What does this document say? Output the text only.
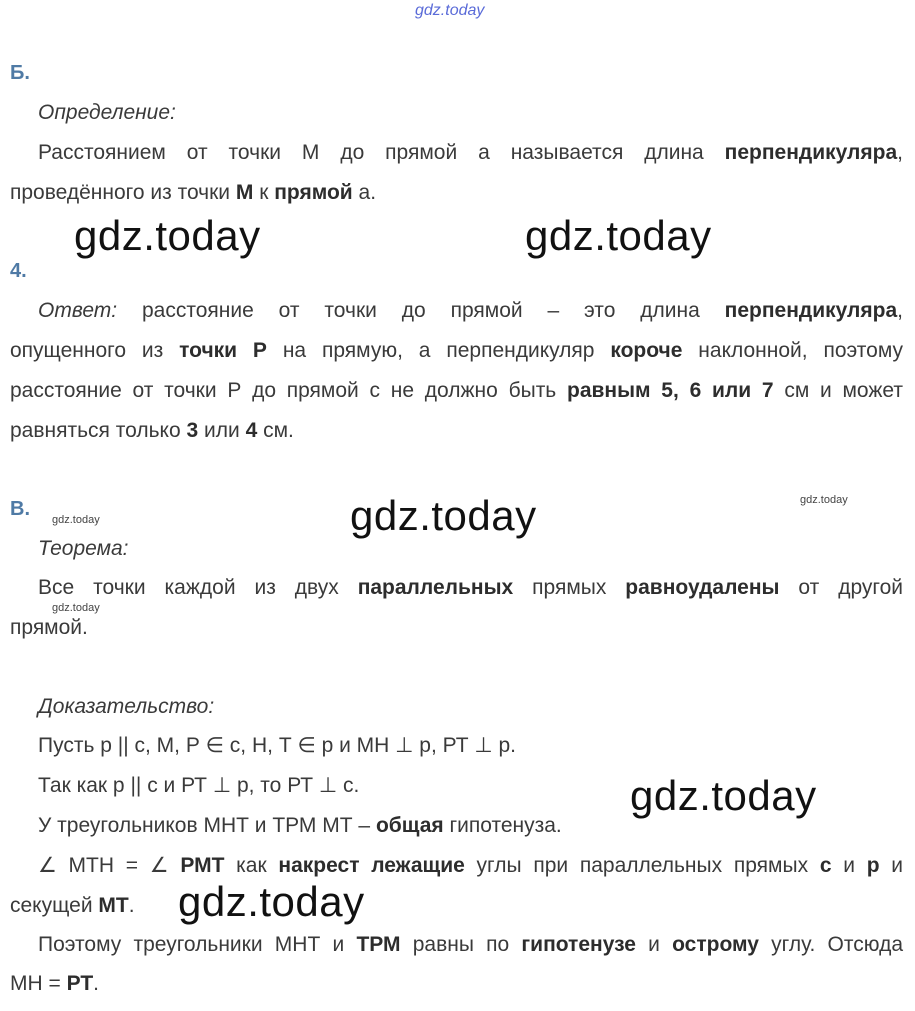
gdz.today
gdz.today	gdz.today
gdz.today
gdz.today
gdz.today
gdz.today
gdz.today
gdz.today
Б.
Определение:
Расстоянием от точки М до прямой а называется длина перпендикуляра,
проведённого из точки М к прямой а.
4.
Ответ: расстояние от точки до прямой – это длина перпендикуляра,
опущенного из точки Р на прямую, а перпендикуляр короче наклонной, поэтому
расстояние от точки Р до прямой с не должно быть равным 5, 6 или 7 см и может
равняться только 3 или 4 см.
В.
Теорема:
Все точки каждой из двух параллельных прямых равноудалены от другой
прямой.
Доказательство:
Пусть р || с, М, Р ∈ с, Н, Т ∈ р и МН ⊥ р, РТ ⊥ р.
Так как р || с и РТ ⊥ р, то РТ ⊥ с.
У треугольников МНТ и ТРМ МТ – общая гипотенуза.
∠ МТН = ∠ РМТ как накрест лежащие углы при параллельных прямых с и р и
секущей МТ.
Поэтому треугольники МНТ и ТРМ равны по гипотенузе и острому углу. Отсюда
МН = РТ.
